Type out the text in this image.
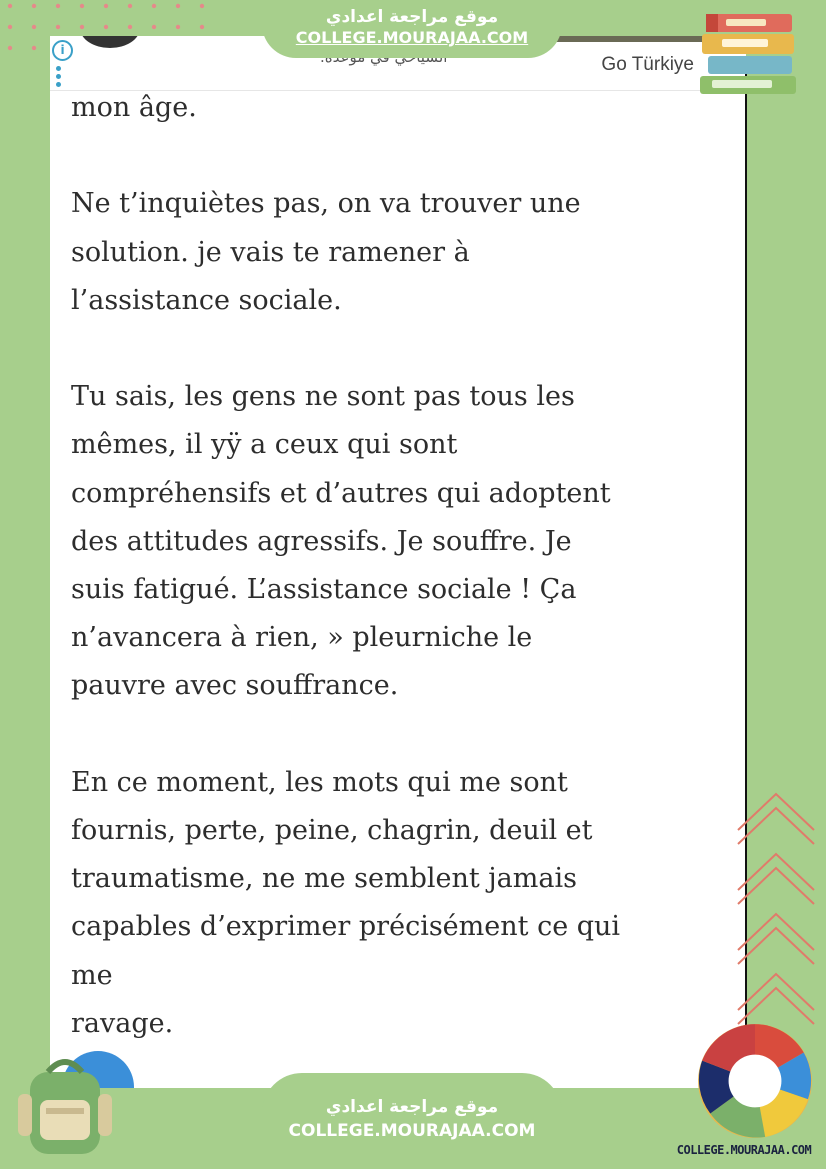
موقع مراجعة اعدادي
COLLEGE.MOURAJAA.COM
i
Go Türkiye

mon âge.

Ne t’inquiètes pas, on va trouver une

solution. je vais te ramener à

l’assistance sociale.

Tu sais, les gens ne sont pas tous les

mêmes, il yÿ a ceux qui sont

compréhensifs et d’autres qui adoptent

des attitudes agressifs. Je souffre. Je

suis fatigué. L’assistance sociale ! Ça

n’avancera à rien, » pleurniche le

pauvre avec souffrance.

En ce moment, les mots qui me sont

fournis, perte, peine, chagrin, deuil et

traumatisme, ne me semblent jamais

capables d’exprimer précisément ce qui

me

ravage.

COLLEGE.MOURAJAA.COM
موقع مراجعة اعدادي
COLLEGE.MOURAJAA.COM
